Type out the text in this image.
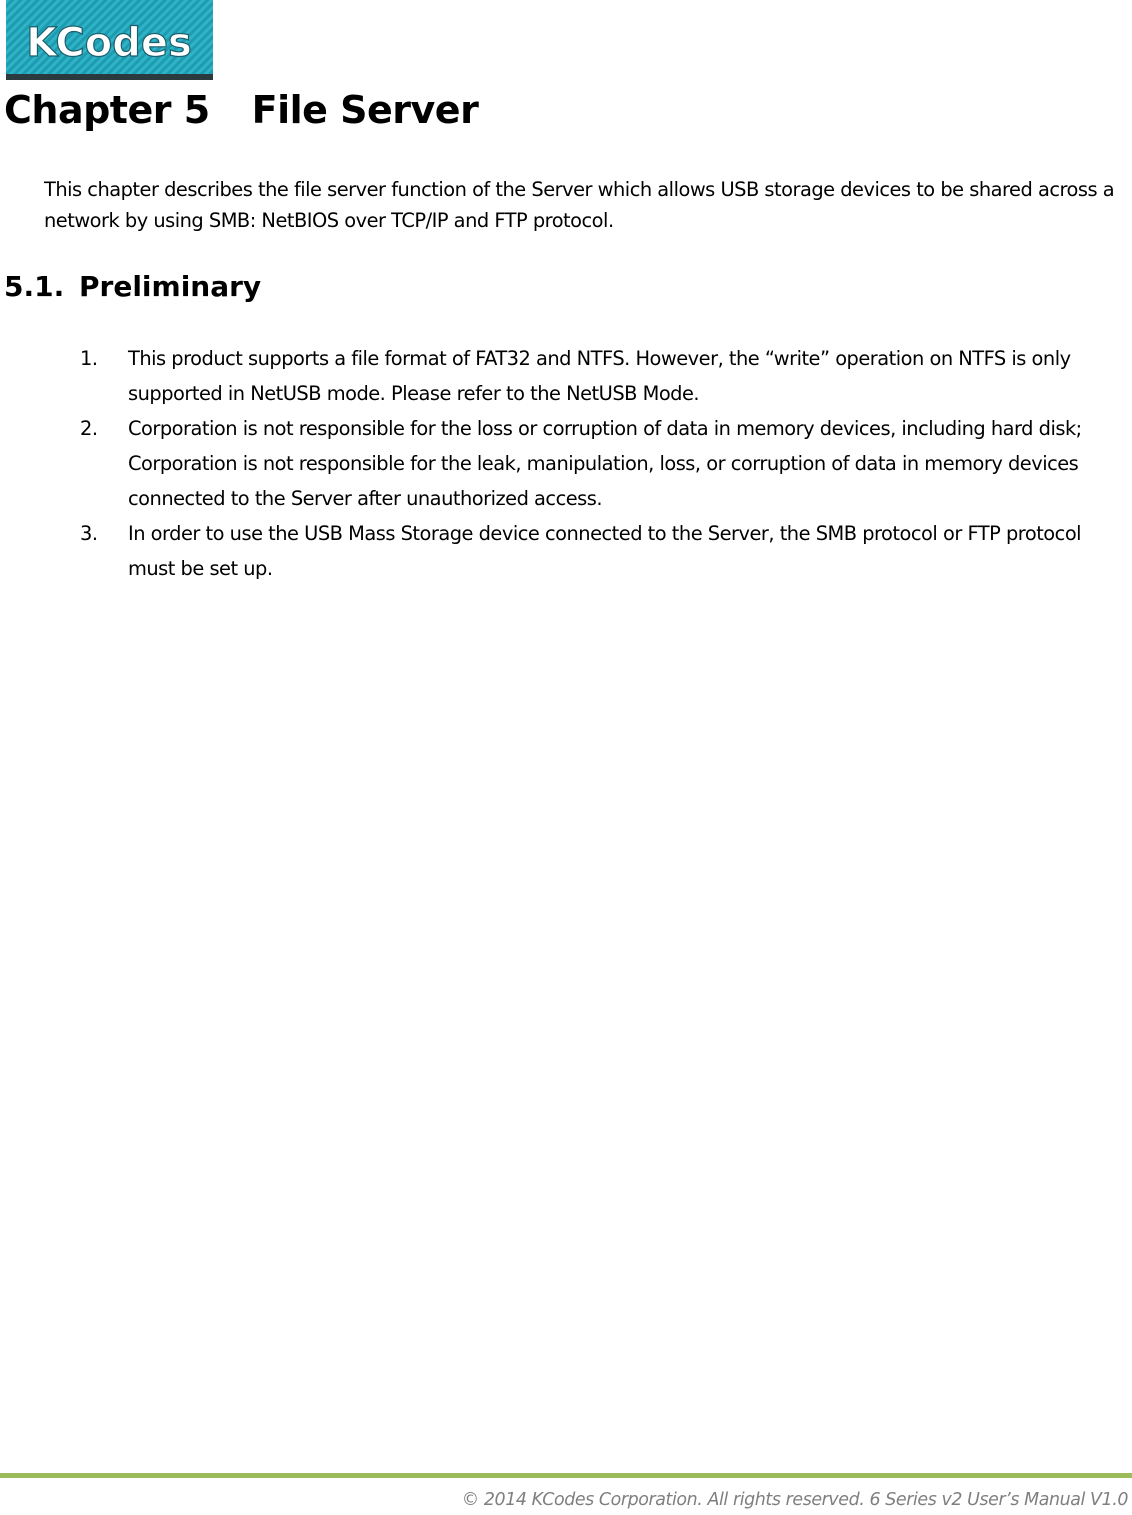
KCodes
Chapter 5 File Server

This chapter describes the file server function of the Server which allows USB storage devices to be shared across a network by using SMB: NetBIOS over TCP/IP and FTP protocol.

5.1. Preliminary
1. This product supports a file format of FAT32 and NTFS. However, the “write” operation on NTFS is only supported in NetUSB mode. Please refer to the NetUSB Mode.
2. Corporation is not responsible for the loss or corruption of data in memory devices, including hard disk; Corporation is not responsible for the leak, manipulation, loss, or corruption of data in memory devices connected to the Server after unauthorized access.
3. In order to use the USB Mass Storage device connected to the Server, the SMB protocol or FTP protocol must be set up.
© 2014 KCodes Corporation. All rights reserved. 6 Series v2 User’s Manual V1.0
